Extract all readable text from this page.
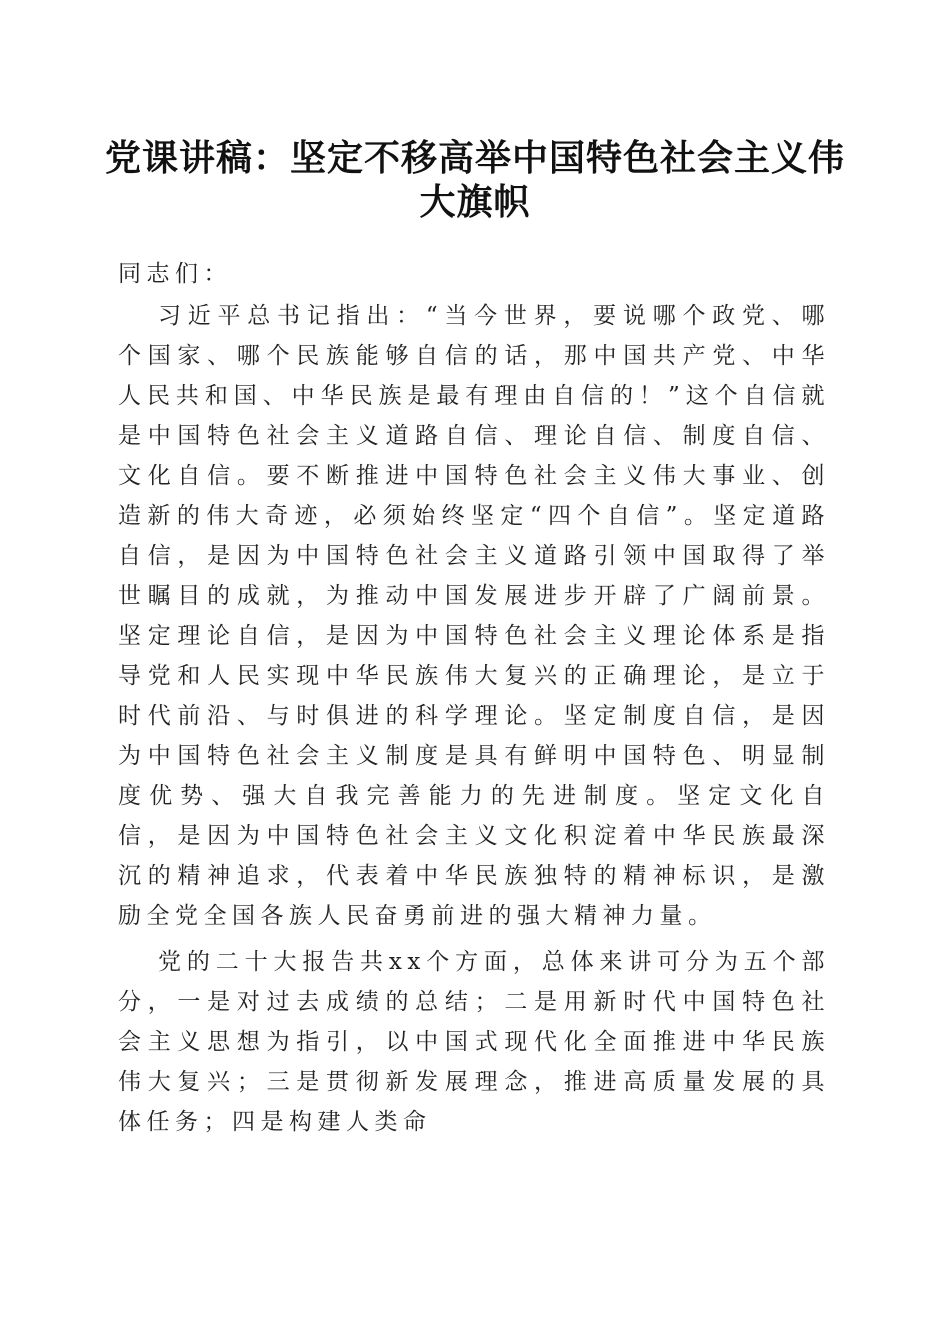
党课讲稿：坚定不移高举中国特色社会主义伟大旗帜

同志们：

习近平总书记指出：“当今世界，要说哪个政党、哪个国家、哪个民族能够自信的话，那中国共产党、中华人民共和国、中华民族是最有理由自信的！”这个自信就是中国特色社会主义道路自信、理论自信、制度自信、文化自信。要不断推进中国特色社会主义伟大事业、创造新的伟大奇迹，必须始终坚定“四个自信”。坚定道路自信，是因为中国特色社会主义道路引领中国取得了举世瞩目的成就，为推动中国发展进步开辟了广阔前景。坚定理论自信，是因为中国特色社会主义理论体系是指导党和人民实现中华民族伟大复兴的正确理论，是立于时代前沿、与时俱进的科学理论。坚定制度自信，是因为中国特色社会主义制度是具有鲜明中国特色、明显制度优势、强大自我完善能力的先进制度。坚定文化自信，是因为中国特色社会主义文化积淀着中华民族最深沉的精神追求，代表着中华民族独特的精神标识，是激励全党全国各族人民奋勇前进的强大精神力量。

党的二十大报告共xx个方面，总体来讲可分为五个部分，一是对过去成绩的总结；二是用新时代中国特色社会主义思想为指引，以中国式现代化全面推进中华民族伟大复兴；三是贯彻新发展理念，推进高质量发展的具体任务；四是构建人类命
